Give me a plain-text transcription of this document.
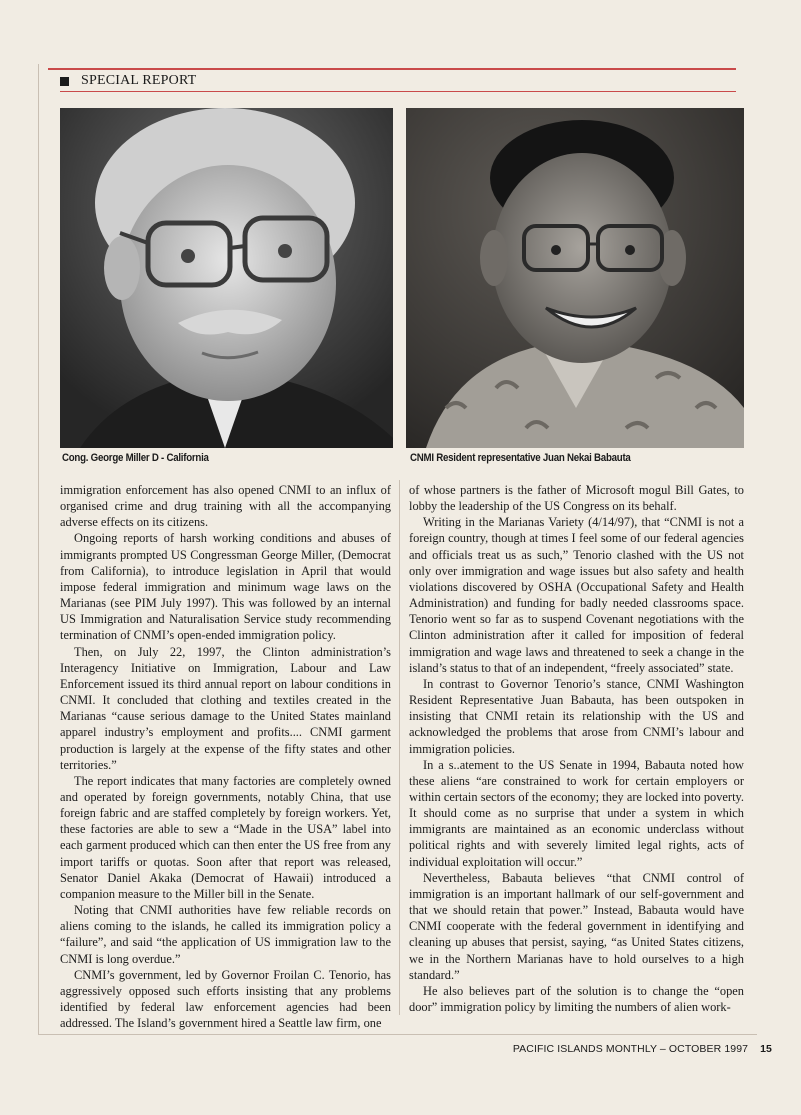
SPECIAL REPORT
Cong. George Miller D - California	CNMI Resident representative Juan Nekai Babauta

immigration enforcement has also opened CNMI to an influx of organised crime and drug training with all the accompanying adverse effects on its citizens.

Ongoing reports of harsh working conditions and abuses of immigrants prompted US Congressman George Miller, (Democrat from California), to introduce legislation in April that would impose federal immigration and minimum wage laws on the Marianas (see PIM July 1997). This was followed by an internal US Immigration and Naturalisation Service study recommending termination of CNMI’s open-ended immigration policy.

Then, on July 22, 1997, the Clinton administration’s Interagency Initiative on Immigration, Labour and Law Enforcement issued its third annual report on labour conditions in CNMI. It concluded that clothing and textiles created in the Marianas “cause serious damage to the United States mainland apparel industry’s employment and profits.... CNMI garment production is largely at the expense of the fifty states and other territories.”

The report indicates that many factories are completely owned and operated by foreign governments, notably China, that use foreign fabric and are staffed completely by foreign workers. Yet, these factories are able to sew a “Made in the USA” label into each garment produced which can then enter the US free from any import tariffs or quotas. Soon after that report was released, Senator Daniel Akaka (Democrat of Hawaii) introduced a companion measure to the Miller bill in the Senate.

Noting that CNMI authorities have few reliable records on aliens coming to the islands, he called its immigration policy a “failure”, and said “the application of US immigration law to the CNMI is long overdue.”

CNMI’s government, led by Governor Froilan C. Tenorio, has aggressively opposed such efforts insisting that any problems identified by federal law enforcement agencies had been addressed. The Island’s government hired a Seattle law firm, one

of whose partners is the father of Microsoft mogul Bill Gates, to lobby the leadership of the US Congress on its behalf.

Writing in the Marianas Variety (4/14/97), that “CNMI is not a foreign country, though at times I feel some of our federal agencies and officials treat us as such,” Tenorio clashed with the US not only over immigration and wage issues but also safety and health violations discovered by OSHA (Occupational Safety and Health Administration) and funding for badly needed classrooms space. Tenorio went so far as to suspend Covenant negotiations with the Clinton administration after it called for imposition of federal immigration and wage laws and threatened to seek a change in the island’s status to that of an independent, “freely associated” state.

In contrast to Governor Tenorio’s stance, CNMI Washington Resident Representative Juan Babauta, has been outspoken in insisting that CNMI retain its relationship with the US and acknowledged the problems that arose from CNMI’s labour and immigration policies.

In a s..atement to the US Senate in 1994, Babauta noted how these aliens “are constrained to work for certain employers or within certain sectors of the economy; they are locked into poverty. It should come as no surprise that under a system in which immigrants are maintained as an economic underclass without political rights and with severely limited legal rights, acts of individual exploitation will occur.”

Nevertheless, Babauta believes “that CNMI control of immigration is an important hallmark of our self-government and that we should retain that power.” Instead, Babauta would have CNMI cooperate with the federal government in identifying and cleaning up abuses that persist, saying, “as United States citizens, we in the Northern Marianas have to hold ourselves to a high standard.”

He also believes part of the solution is to change the “open door” immigration policy by limiting the numbers of alien work-

PACIFIC ISLANDS MONTHLY – OCTOBER 1997 15
